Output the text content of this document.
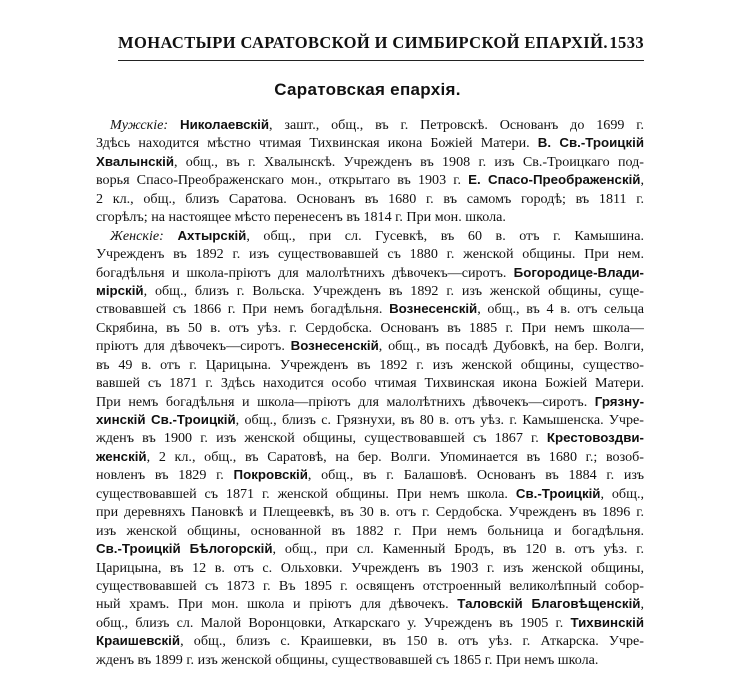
МОНАСТЫРИ САРАТОВСКОЙ И СИМБИРСКОЙ ЕПАРХІЙ. 1533
Саратовская епархія.
Мужскіе: Николаевскій, зашт., общ., въ г. Петровскѣ. Основанъ до 1699 г.
Здѣсь находится мѣстно чтимая Тихвинская икона Божіей Матери. В. Св.-Троицкій
Хвалынскій, общ., въ г. Хвалынскѣ. Учрежденъ въ 1908 г. изъ Св.-Троицкаго под-
ворья Спасо-Преображенскаго мон., открытаго въ 1903 г. Е. Спасо-Преображенскій,
2 кл., общ., близъ Саратова. Основанъ въ 1680 г. въ самомъ городѣ; въ 1811 г.
сгорѣлъ; на настоящее мѣсто перенесенъ въ 1814 г. При мон. школа.
Женскіе: Ахтырскій, общ., при сл. Гусевкѣ, въ 60 в. отъ г. Камышина.
Учрежденъ въ 1892 г. изъ существовавшей съ 1880 г. женской общины. При нем.
богадѣльня и школа-пріютъ для малолѣтнихъ дѣвочекъ—сиротъ. Богородице-Влади-
мірскій, общ., близъ г. Вольска. Учрежденъ въ 1892 г. изъ женской общины, суще-
ствовавшей съ 1866 г. При немъ богадѣльня. Вознесенскій, общ., въ 4 в. отъ сельца
Скрябина, въ 50 в. отъ уѣз. г. Сердобска. Основанъ въ 1885 г. При немъ школа—
пріютъ для дѣвочекъ—сиротъ. Вознесенскій, общ., въ посадѣ Дубовкѣ, на бер. Волги,
въ 49 в. отъ г. Царицына. Учрежденъ въ 1892 г. изъ женской общины, существо-
вавшей съ 1871 г. Здѣсь находится особо чтимая Тихвинская икона Божіей Матери.
При немъ богадѣльня и школа—пріютъ для малолѣтнихъ дѣвочекъ—сиротъ. Грязну-
хинскій Св.-Троицкій, общ., близъ с. Грязнухи, въ 80 в. отъ уѣз. г. Камышенска. Учре-
жденъ въ 1900 г. изъ женской общины, существовавшей съ 1867 г. Крестовоздви-
женскій, 2 кл., общ., въ Саратовѣ, на бер. Волги. Упоминается въ 1680 г.; возоб-
новленъ въ 1829 г. Покровскій, общ., въ г. Балашовѣ. Основанъ въ 1884 г. изъ
существовавшей съ 1871 г. женской общины. При немъ школа. Св.-Троицкій, общ.,
при деревняхъ Пановкѣ и Плещеевкѣ, въ 30 в. отъ г. Сердобска. Учрежденъ въ 1896 г.
изъ женской общины, основанной въ 1882 г. При немъ больница и богадѣльня.
Св.-Троицкій Бѣлогорскій, общ., при сл. Каменный Бродъ, въ 120 в. отъ уѣз. г.
Царицына, въ 12 в. отъ с. Ольховки. Учрежденъ въ 1903 г. изъ женской общины,
существовавшей съ 1873 г. Въ 1895 г. освященъ отстроенный великолѣпный собор-
ный храмъ. При мон. школа и пріютъ для дѣвочекъ. Таловскій Благовѣщенскій,
общ., близъ сл. Малой Воронцовки, Аткарскаго у. Учрежденъ въ 1905 г. Тихвинскій
Краишевскій, общ., близъ с. Краишевки, въ 150 в. отъ уѣз. г. Аткарска. Учре-
жденъ въ 1899 г. изъ женской общины, существовавшей съ 1865 г. При немъ школа.
